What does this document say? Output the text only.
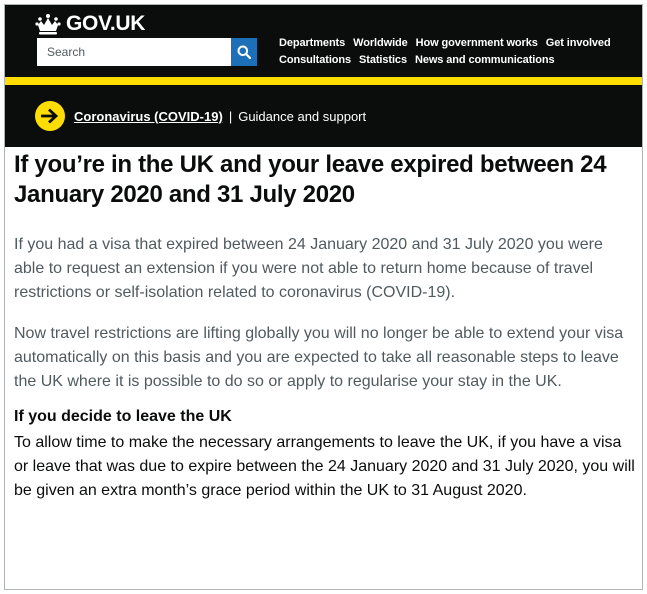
GOV.UK
Search
Departments Worldwide How government works Get involved
Consultations Statistics News and communications
Coronavirus (COVID-19) | Guidance and support
If you’re in the UK and your leave expired between 24 January 2020 and 31 July 2020

If you had a visa that expired between 24 January 2020 and 31 July 2020 you were able to request an extension if you were not able to return home because of travel restrictions or self-isolation related to coronavirus (COVID-19).

Now travel restrictions are lifting globally you will no longer be able to extend your visa automatically on this basis and you are expected to take all reasonable steps to leave the UK where it is possible to do so or apply to regularise your stay in the UK.

If you decide to leave the UK

To allow time to make the necessary arrangements to leave the UK, if you have a visa or leave that was due to expire between the 24 January 2020 and 31 July 2020, you will be given an extra month’s grace period within the UK to 31 August 2020.
